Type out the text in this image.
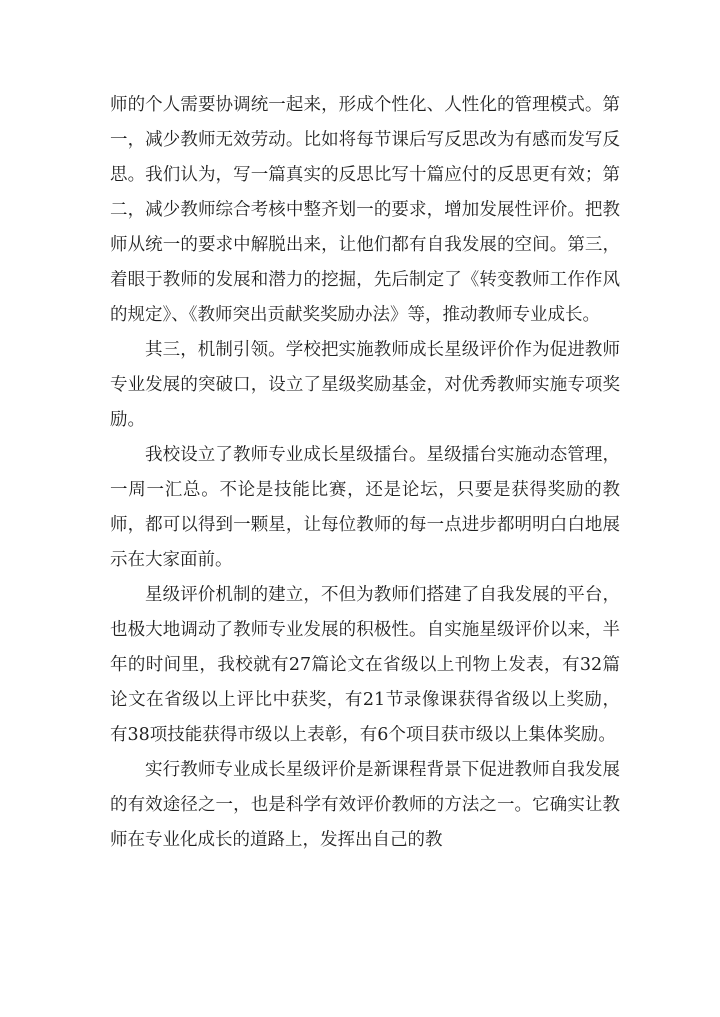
师的个人需要协调统一起来，形成个性化、人性化的管理模式。第一，减少教师无效劳动。比如将每节课后写反思改为有感而发写反思。我们认为，写一篇真实的反思比写十篇应付的反思更有效；第二，减少教师综合考核中整齐划一的要求，增加发展性评价。把教师从统一的要求中解脱出来，让他们都有自我发展的空间。第三，着眼于教师的发展和潜力的挖掘，先后制定了《转变教师工作作风的规定》、《教师突出贡献奖奖励办法》等，推动教师专业成长。

其三，机制引领。学校把实施教师成长星级评价作为促进教师专业发展的突破口，设立了星级奖励基金，对优秀教师实施专项奖励。

我校设立了教师专业成长星级擂台。星级擂台实施动态管理，一周一汇总。不论是技能比赛，还是论坛，只要是获得奖励的教师，都可以得到一颗星，让每位教师的每一点进步都明明白白地展示在大家面前。

星级评价机制的建立，不但为教师们搭建了自我发展的平台，也极大地调动了教师专业发展的积极性。自实施星级评价以来，半年的时间里，我校就有27篇论文在省级以上刊物上发表，有32篇论文在省级以上评比中获奖，有21节录像课获得省级以上奖励，有38项技能获得市级以上表彰，有6个项目获市级以上集体奖励。

实行教师专业成长星级评价是新课程背景下促进教师自我发展的有效途径之一，也是科学有效评价教师的方法之一。它确实让教师在专业化成长的道路上，发挥出自己的教
